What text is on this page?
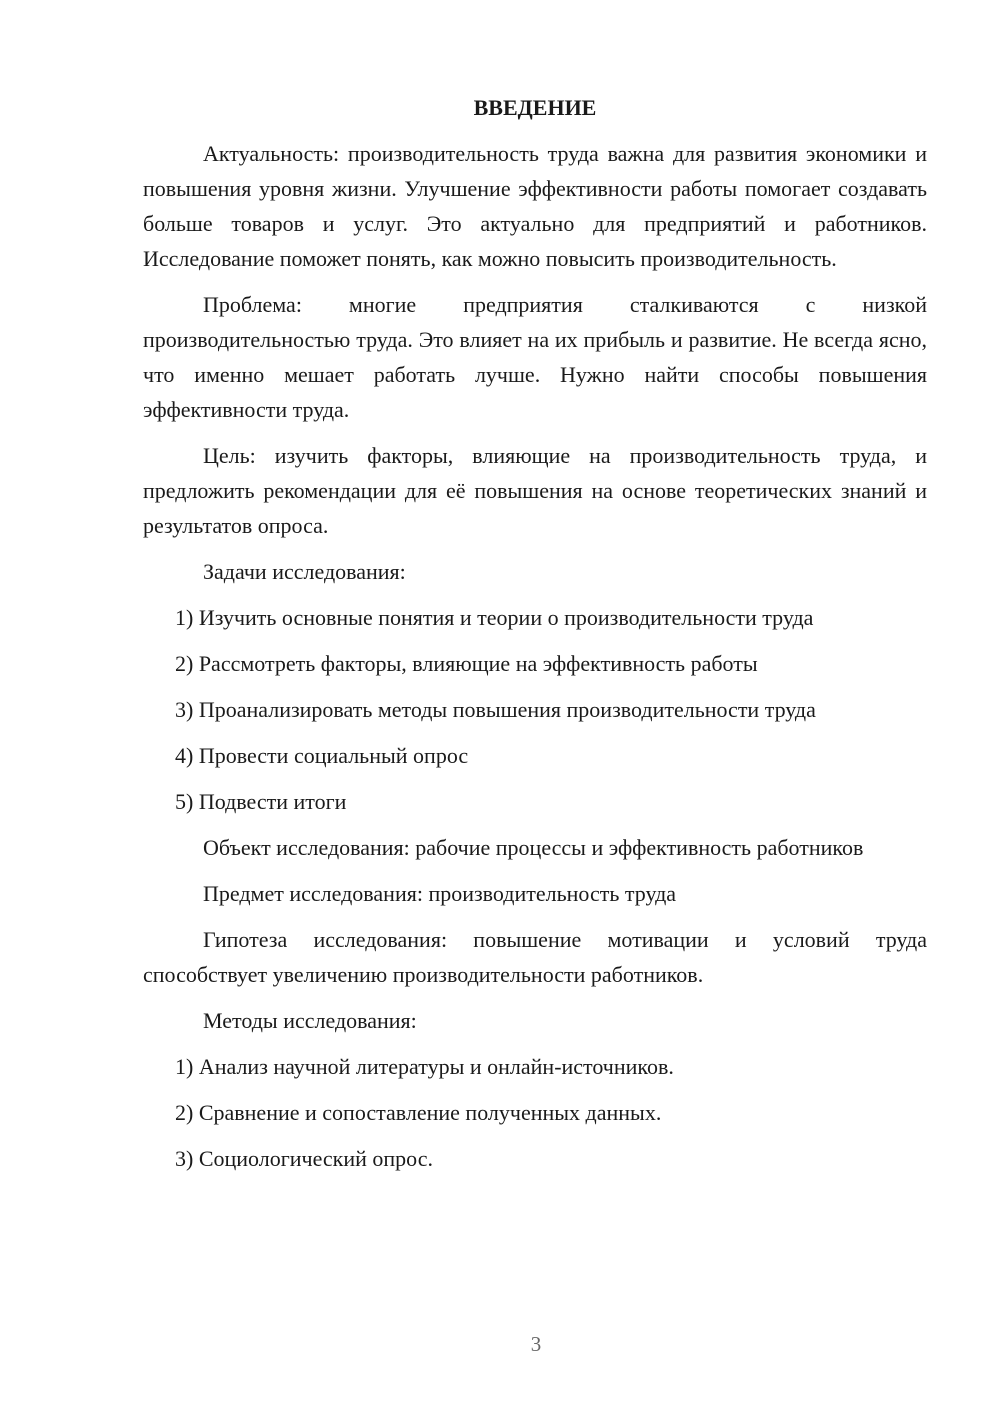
ВВЕДЕНИЕ

Актуальность: производительность труда важна для развития экономики и повышения уровня жизни. Улучшение эффективности работы помогает создавать больше товаров и услуг. Это актуально для предприятий и работников. Исследование поможет понять, как можно повысить производительность.

Проблема: многие предприятия сталкиваются с низкой производительностью труда. Это влияет на их прибыль и развитие. Не всегда ясно, что именно мешает работать лучше. Нужно найти способы повышения эффективности труда.

Цель: изучить факторы, влияющие на производительность труда, и предложить рекомендации для её повышения на основе теоретических знаний и результатов опроса.

Задачи исследования:

1) Изучить основные понятия и теории о производительности труда
2) Рассмотреть факторы, влияющие на эффективность работы
3) Проанализировать методы повышения производительности труда
4) Провести социальный опрос
5) Подвести итоги

Объект исследования: рабочие процессы и эффективность работников

Предмет исследования: производительность труда

Гипотеза исследования: повышение мотивации и условий труда способствует увеличению производительности работников.

Методы исследования:

1) Анализ научной литературы и онлайн-источников.
2) Сравнение и сопоставление полученных данных.
3) Социологический опрос.
3
